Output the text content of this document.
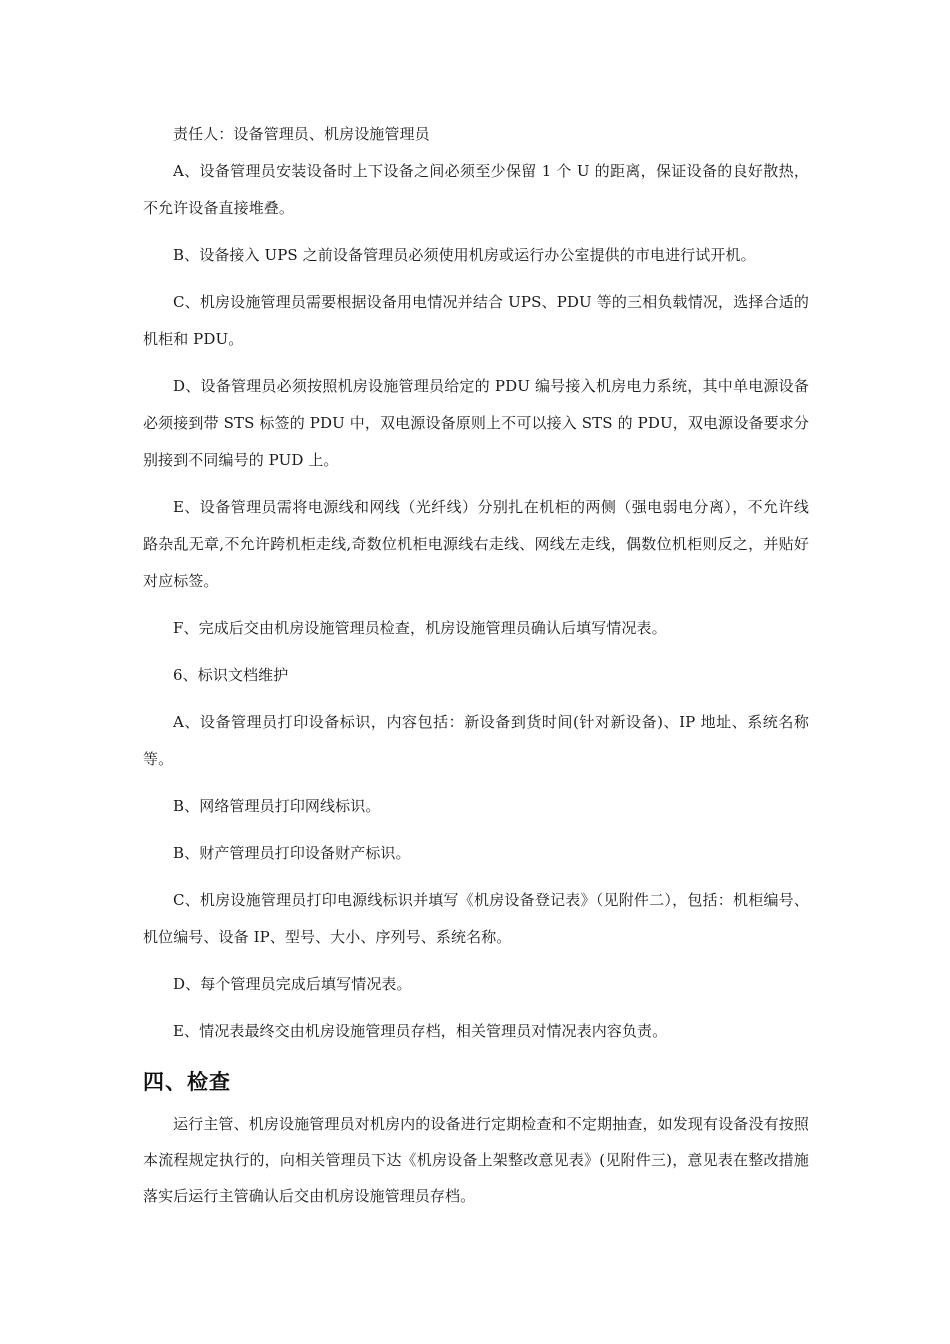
责任人：设备管理员、机房设施管理员

A、设备管理员安装设备时上下设备之间必须至少保留 1 个 U 的距离，保证设备的良好散热，不允许设备直接堆叠。

B、设备接入 UPS 之前设备管理员必须使用机房或运行办公室提供的市电进行试开机。

C、机房设施管理员需要根据设备用电情况并结合 UPS、PDU 等的三相负载情况，选择合适的机柜和 PDU。

D、设备管理员必须按照机房设施管理员给定的 PDU 编号接入机房电力系统，其中单电源设备必须接到带 STS 标签的 PDU 中，双电源设备原则上不可以接入 STS 的 PDU，双电源设备要求分别接到不同编号的 PUD 上。

E、设备管理员需将电源线和网线（光纤线）分别扎在机柜的两侧（强电弱电分离），不允许线路杂乱无章,不允许跨机柜走线,奇数位机柜电源线右走线、网线左走线，偶数位机柜则反之，并贴好对应标签。

F、完成后交由机房设施管理员检查，机房设施管理员确认后填写情况表。

6、标识文档维护

A、设备管理员打印设备标识，内容包括：新设备到货时间(针对新设备)、IP 地址、系统名称等。

B、网络管理员打印网线标识。

B、财产管理员打印设备财产标识。

C、机房设施管理员打印电源线标识并填写《机房设备登记表》（见附件二），包括：机柜编号、机位编号、设备 IP、型号、大小、序列号、系统名称。

D、每个管理员完成后填写情况表。

E、情况表最终交由机房设施管理员存档，相关管理员对情况表内容负责。

四、检查

运行主管、机房设施管理员对机房内的设备进行定期检查和不定期抽查，如发现有设备没有按照本流程规定执行的，向相关管理员下达《机房设备上架整改意见表》(见附件三)，意见表在整改措施落实后运行主管确认后交由机房设施管理员存档。
